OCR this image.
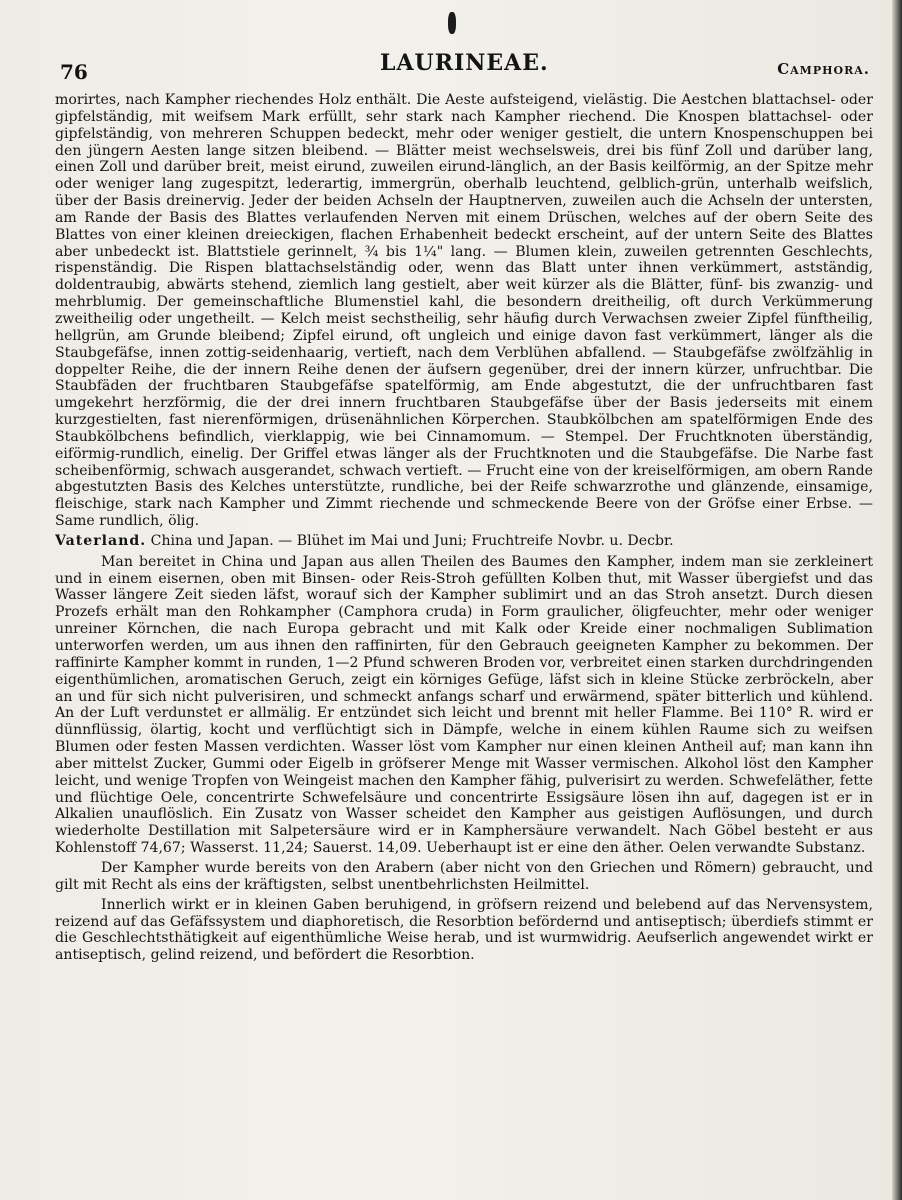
76	LAURINEAE.	Camphora.

morirtes, nach Kampher riechendes Holz enthält. Die Aeste aufsteigend, vielästig. Die Aestchen blattachsel- oder gipfelständig, mit weifsem Mark erfüllt, sehr stark nach Kampher riechend. Die Knospen blattachsel- oder gipfelständig, von mehreren Schuppen bedeckt, mehr oder weniger gestielt, die untern Knospenschuppen bei den jüngern Aesten lange sitzen bleibend. — Blätter meist wechselsweis, drei bis fünf Zoll und darüber lang, einen Zoll und darüber breit, meist eirund, zuweilen eirund-länglich, an der Basis keilförmig, an der Spitze mehr oder weniger lang zugespitzt, lederartig, immergrün, oberhalb leuchtend, gelblich-grün, unterhalb weifslich, über der Basis dreinervig. Jeder der beiden Achseln der Hauptnerven, zuweilen auch die Achseln der untersten, am Rande der Basis des Blattes verlaufenden Nerven mit einem Drüschen, welches auf der obern Seite des Blattes von einer kleinen dreieckigen, flachen Erhabenheit bedeckt erscheint, auf der untern Seite des Blattes aber unbedeckt ist. Blattstiele gerinnelt, ¾ bis 1¼" lang. — Blumen klein, zuweilen getrennten Geschlechts, rispenständig. Die Rispen blattachselständig oder, wenn das Blatt unter ihnen verkümmert, astständig, doldentraubig, abwärts stehend, ziemlich lang gestielt, aber weit kürzer als die Blätter, fünf- bis zwanzig- und mehrblumig. Der gemeinschaftliche Blumenstiel kahl, die besondern dreitheilig, oft durch Verkümmerung zweitheilig oder ungetheilt. — Kelch meist sechstheilig, sehr häufig durch Verwachsen zweier Zipfel fünftheilig, hellgrün, am Grunde bleibend; Zipfel eirund, oft ungleich und einige davon fast verkümmert, länger als die Staubgefäfse, innen zottig-seidenhaarig, vertieft, nach dem Verblühen abfallend. — Staubgefäfse zwölfzählig in doppelter Reihe, die der innern Reihe denen der äufsern gegenüber, drei der innern kürzer, unfruchtbar. Die Staubfäden der fruchtbaren Staubgefäfse spatelförmig, am Ende abgestutzt, die der unfruchtbaren fast umgekehrt herzförmig, die der drei innern fruchtbaren Staubgefäfse über der Basis jederseits mit einem kurzgestielten, fast nierenförmigen, drüsenähnlichen Körperchen. Staubkölbchen am spatelförmigen Ende des Staubkölbchens befindlich, vierklappig, wie bei Cinnamomum. — Stempel. Der Fruchtknoten überständig, eiförmig-rundlich, einelig. Der Griffel etwas länger als der Fruchtknoten und die Staubgefäfse. Die Narbe fast scheibenförmig, schwach ausgerandet, schwach vertieft. — Frucht eine von der kreiselförmigen, am obern Rande abgestutzten Basis des Kelches unterstützte, rundliche, bei der Reife schwarzrothe und glänzende, einsamige, fleischige, stark nach Kampher und Zimmt riechende und schmeckende Beere von der Gröfse einer Erbse. — Same rundlich, ölig.

Vaterland. China und Japan. — Blühet im Mai und Juni; Fruchtreife Novbr. u. Decbr.

Man bereitet in China und Japan aus allen Theilen des Baumes den Kampher, indem man sie zerkleinert und in einem eisernen, oben mit Binsen- oder Reis-Stroh gefüllten Kolben thut, mit Wasser übergiefst und das Wasser längere Zeit sieden läfst, worauf sich der Kampher sublimirt und an das Stroh ansetzt. Durch diesen Prozefs erhält man den Rohkampher (Camphora cruda) in Form graulicher, öligfeuchter, mehr oder weniger unreiner Körnchen, die nach Europa gebracht und mit Kalk oder Kreide einer nochmaligen Sublimation unterworfen werden, um aus ihnen den raffinirten, für den Gebrauch geeigneten Kampher zu bekommen. Der raffinirte Kampher kommt in runden, 1—2 Pfund schweren Broden vor, verbreitet einen starken durchdringenden eigenthümlichen, aromatischen Geruch, zeigt ein körniges Gefüge, läfst sich in kleine Stücke zerbröckeln, aber an und für sich nicht pulverisiren, und schmeckt anfangs scharf und erwärmend, später bitterlich und kühlend. An der Luft verdunstet er allmälig. Er entzündet sich leicht und brennt mit heller Flamme. Bei 110° R. wird er dünnflüssig, ölartig, kocht und verflüchtigt sich in Dämpfe, welche in einem kühlen Raume sich zu weifsen Blumen oder festen Massen verdichten. Wasser löst vom Kampher nur einen kleinen Antheil auf; man kann ihn aber mittelst Zucker, Gummi oder Eigelb in gröfserer Menge mit Wasser vermischen. Alkohol löst den Kampher leicht, und wenige Tropfen von Weingeist machen den Kampher fähig, pulverisirt zu werden. Schwefeläther, fette und flüchtige Oele, concentrirte Schwefelsäure und concentrirte Essigsäure lösen ihn auf, dagegen ist er in Alkalien unauflöslich. Ein Zusatz von Wasser scheidet den Kampher aus geistigen Auflösungen, und durch wiederholte Destillation mit Salpetersäure wird er in Kamphersäure verwandelt. Nach Göbel besteht er aus Kohlenstoff 74,67; Wasserst. 11,24; Sauerst. 14,09. Ueberhaupt ist er eine den äther. Oelen verwandte Substanz.

Der Kampher wurde bereits von den Arabern (aber nicht von den Griechen und Römern) gebraucht, und gilt mit Recht als eins der kräftigsten, selbst unentbehrlichsten Heilmittel.

Innerlich wirkt er in kleinen Gaben beruhigend, in gröfsern reizend und belebend auf das Nervensystem, reizend auf das Gefäfssystem und diaphoretisch, die Resorbtion befördernd und antiseptisch; überdiefs stimmt er die Geschlechtsthätigkeit auf eigenthümliche Weise herab, und ist wurmwidrig. Aeufserlich angewendet wirkt er antiseptisch, gelind reizend, und befördert die Resorbtion.
